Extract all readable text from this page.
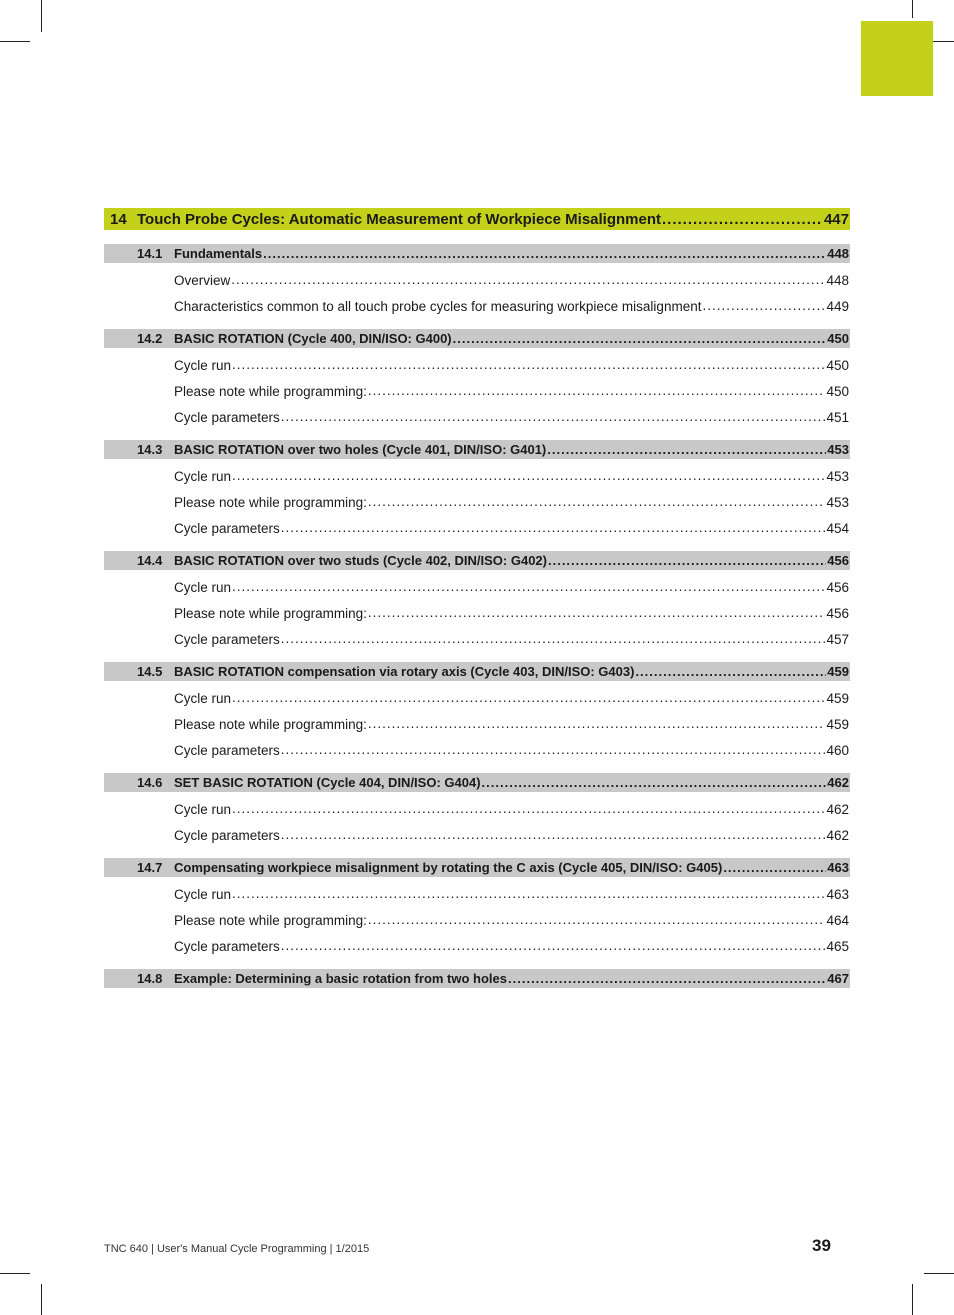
14 Touch Probe Cycles: Automatic Measurement of Workpiece Misalignment .....	447
14.1 Fundamentals .....	448
Overview .....	448
Characteristics common to all touch probe cycles for measuring workpiece misalignment .....	449
14.2 BASIC ROTATION (Cycle 400, DIN/ISO: G400) .....	450
Cycle run .....	450
Please note while programming: .....	450
Cycle parameters .....	451
14.3 BASIC ROTATION over two holes (Cycle 401, DIN/ISO: G401) .....	453
Cycle run .....	453
Please note while programming: .....	453
Cycle parameters .....	454
14.4 BASIC ROTATION over two studs (Cycle 402, DIN/ISO: G402) .....	456
Cycle run .....	456
Please note while programming: .....	456
Cycle parameters .....	457
14.5 BASIC ROTATION compensation via rotary axis (Cycle 403, DIN/ISO: G403) .....	459
Cycle run .....	459
Please note while programming: .....	459
Cycle parameters .....	460
14.6 SET BASIC ROTATION (Cycle 404, DIN/ISO: G404) .....	462
Cycle run .....	462
Cycle parameters .....	462
14.7 Compensating workpiece misalignment by rotating the C axis (Cycle 405, DIN/ISO: G405) .....	463
Cycle run .....	463
Please note while programming: .....	464
Cycle parameters .....	465
14.8 Example: Determining a basic rotation from two holes .....	467
TNC 640 | User's Manual Cycle Programming | 1/2015	39
